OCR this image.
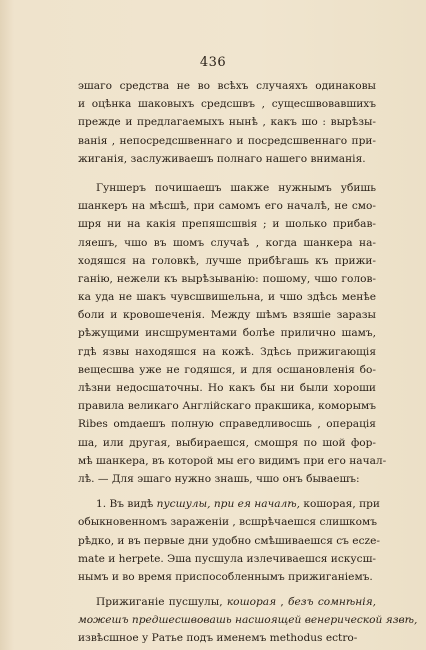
436
эшаго средства не во всѣхъ случаяхъ одинаковы
и оцѣнка шаковыхъ средсшвъ , сущесшвовавшихъ
прежде и предлагаемыхъ нынѣ , какъ шо : вырѣзы-
ванія , непосредсшвеннаго и посредсшвеннаго при-
жиганія, заслуживаешъ полнаго нашего вниманія.
Гуншеръ почишаешъ шакже нужнымъ убишь
шанкеръ на мѣсшѣ, при самомъ его началѣ, не смо-
шря ни на какія препяшсшвія ; и шолько прибав-
ляешъ, чшо въ шомъ случаѣ , когда шанкера на-
ходяшся на головкѣ, лучше прибѣгашь къ прижи-
ганію, нежели къ вырѣзыванію: пошому, чшо голов-
ка уда не шакъ чувсшвишельна, и чшо здѣсь менѣе
боли и кровошеченія. Между шѣмъ взяшіе заразы
рѣжущими инсшрументами болѣе прилично шамъ,
гдѣ язвы находяшся на кожѣ. Здѣсь прижигающія
вещесшва уже не годяшся, и для осшановленія бо-
лѣзни недосшаточны. Но какъ бы ни были хороши
правила великаго Англійскаго пракшика, коморымъ
Ribes оmдаешъ полную справедливосшь , операція
ша, или другая, выбираешся, смошря по шой фор-
мѣ шанкера, въ которой мы его видимъ при его начал-
лѣ. — Для эшаго нужно знашь, чшо онъ бываешъ:
1. Въ видѣ пусшулы, при ея началѣ, кошорая, при
обыкновенномъ зараженіи , всшрѣчаешся слишкомъ
рѣдко, и въ первые дни удобно смѣшиваешся съ ecze-
mate и herpete. Эша пусшула излечиваешся искусш-
нымъ и во время приспособленнымъ прижиганіемъ.
Прижиганіе пусшулы, кошорая , безъ сомнѣнія,
можешъ предшесшвовашь насшоящей венерической язвѣ,
извѣсшное у Ратье подъ именемъ methodus ectro-
